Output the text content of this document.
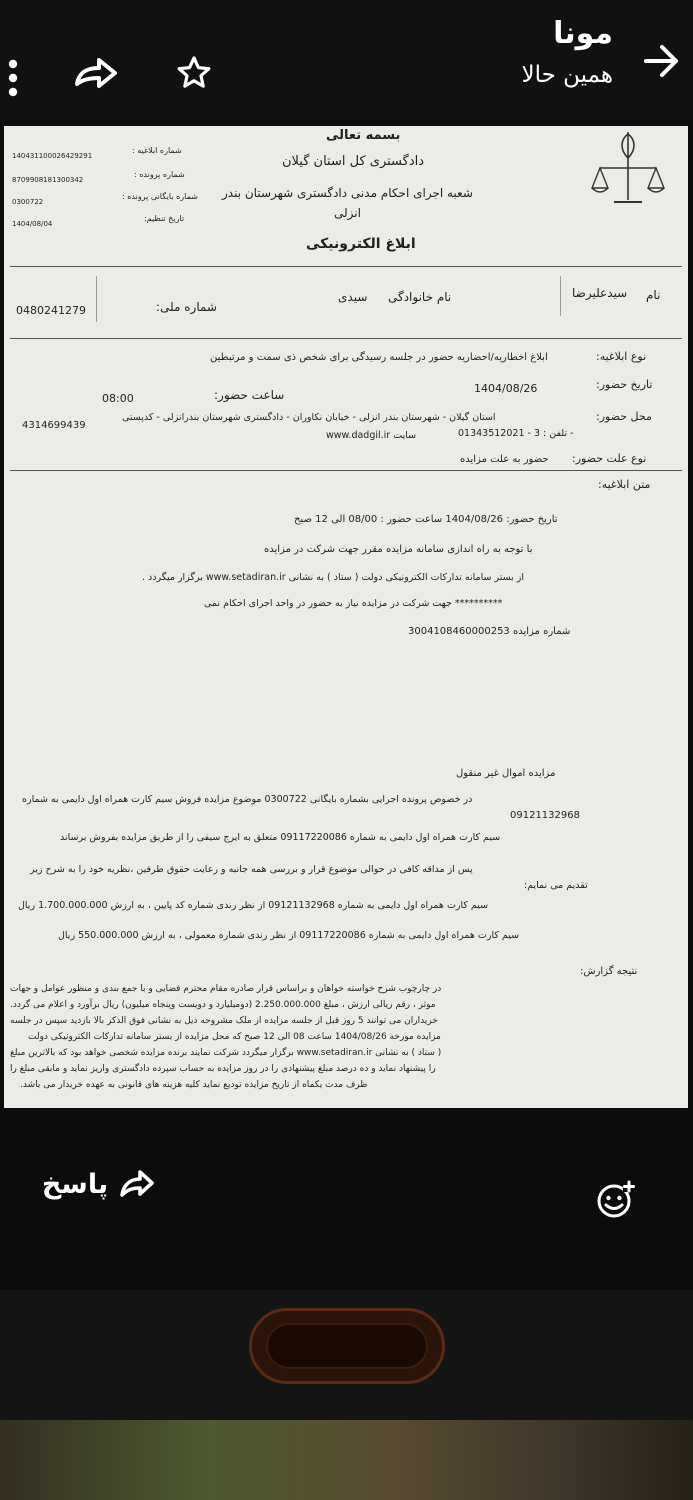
مونا
همین حالا
بسمه تعالی
دادگستری کل استان گیلان
شعبه اجرای احکام مدنی دادگستری شهرستان بندر
انزلی
شماره ابلاغیه :
شماره پرونده :
شماره بایگانی پرونده :
تاریخ تنظیم:
140431100026429291
8709908181300342
0300722
1404/08/04
ابلاغ الکترونیکی
نام
سیدعلیرضا
نام خانوادگی
سیدی
شماره ملی:
0480241279
نوع ابلاغیه:
ابلاغ اخطاریه/احضاریه حضور در جلسه رسیدگی برای شخص ذی سمت و مرتبطین
تاریخ حضور:
1404/08/26
ساعت حضور:
08:00
محل حضور:
استان گیلان - شهرستان بندر انزلی - خیابان نکاوران - دادگستری شهرستان بندرانزلی - کدپستی
4314699439
- تلفن : 3 - 01343512021
سایت www.dadgil.ir
نوع علت حضور:
حضور به علت مزایده
متن ابلاغیه:
تاریخ حضور: 1404/08/26 ساعت حضور : 08/00 الی 12 صبح
با توجه به راه اندازی سامانه مزایده مقرر جهت شرکت در مزایده
از بستر سامانه تدارکات الکترونیکی دولت ( ستاد ) به نشانی www.setadiran.ir برگزار میگردد .
********** جهت شرکت در مزایده نیاز به حضور در واحد اجرای احکام نمی
شماره مزایده 3004108460000253
مزایده اموال غیر منقول
در خصوص پرونده اجرایی بشماره بایگانی 0300722 موضوع مزایده فروش سیم کارت همراه اول دایمی به شماره
09121132968
سیم کارت همراه اول دایمی به شماره 09117220086 متعلق به ایرج سیفی را از طریق مزایده بفروش برساند
پس از مداقه کافی در حوالی موضوع قرار و بررسی همه جانبه و رعایت حقوق طرفین ،نظریه خود را به شرح زیر
تقدیم می نمایم:
سیم کارت همراه اول دایمی به شماره 09121132968 از نظر رندی شماره کد پایین ، به ارزش 1.700.000.000 ریال
سیم کارت همراه اول دایمی به شماره 09117220086 از نظر رندی شماره معمولی ، به ارزش 550.000.000 ریال
نتیجه گزارش:
در چارچوب شرح خواسته خواهان و براساس قرار صادره مقام محترم قضایی و با جمع بندی و منظور عوامل و جهات
موثر ، رقم ریالی ارزش ، مبلغ 2.250.000.000 (دومیلیارد و دویست وپنجاه میلیون) ریال برآورد و اعلام می گردد.
خریداران می توانند 5 روز قبل از جلسه مزایده از ملک مشروحه ذیل به نشانی فوق الذکر بالا بازدید سپس در جلسه
مزایده مورخه 1404/08/26 ساعت 08 الی 12 صبح که محل مزایده از بستر سامانه تدارکات الکترونیکی دولت
( ستاد ) به نشانی www.setadiran.ir برگزار میگردد شرکت نمایند برنده مزایده شخصی خواهد بود که بالاترین مبلغ
را پیشنهاد نماید و ده درصد مبلغ پیشنهادی را در روز مزایده به حساب سپرده دادگستری واریز نماید و مابقی مبلغ را
ظرف مدت یکماه از تاریخ مزایده تودیع نماید کلیه هزینه های قانونی به عهده خریدار می باشد.
پاسخ
